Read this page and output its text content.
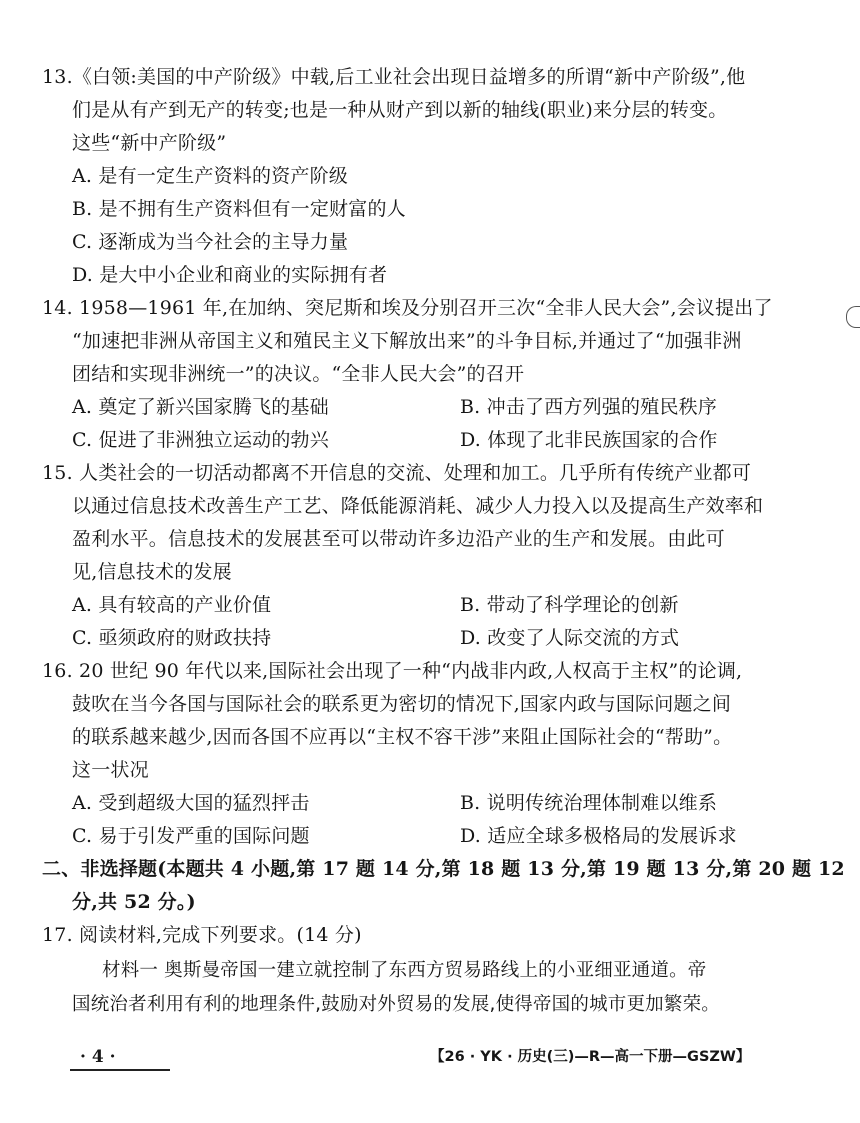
13.《白领:美国的中产阶级》中载,后工业社会出现日益增多的所谓“新中产阶级”,他
们是从有产到无产的转变;也是一种从财产到以新的轴线(职业)来分层的转变。
这些“新中产阶级”
A. 是有一定生产资料的资产阶级
B. 是不拥有生产资料但有一定财富的人
C. 逐渐成为当今社会的主导力量
D. 是大中小企业和商业的实际拥有者
14. 1958—1961 年,在加纳、突尼斯和埃及分别召开三次“全非人民大会”,会议提出了
“加速把非洲从帝国主义和殖民主义下解放出来”的斗争目标,并通过了“加强非洲
团结和实现非洲统一”的决议。“全非人民大会”的召开
A. 奠定了新兴国家腾飞的基础	B. 冲击了西方列强的殖民秩序
C. 促进了非洲独立运动的勃兴	D. 体现了北非民族国家的合作
15. 人类社会的一切活动都离不开信息的交流、处理和加工。几乎所有传统产业都可
以通过信息技术改善生产工艺、降低能源消耗、减少人力投入以及提高生产效率和
盈利水平。信息技术的发展甚至可以带动许多边沿产业的生产和发展。由此可
见,信息技术的发展
A. 具有较高的产业价值	B. 带动了科学理论的创新
C. 亟须政府的财政扶持	D. 改变了人际交流的方式
16. 20 世纪 90 年代以来,国际社会出现了一种“内战非内政,人权高于主权”的论调,
鼓吹在当今各国与国际社会的联系更为密切的情况下,国家内政与国际问题之间
的联系越来越少,因而各国不应再以“主权不容干涉”来阻止国际社会的“帮助”。
这一状况
A. 受到超级大国的猛烈抨击	B. 说明传统治理体制难以维系
C. 易于引发严重的国际问题	D. 适应全球多极格局的发展诉求
二、非选择题(本题共 4 小题,第 17 题 14 分,第 18 题 13 分,第 19 题 13 分,第 20 题 12
分,共 52 分。)
17. 阅读材料,完成下列要求。(14 分)
材料一 奥斯曼帝国一建立就控制了东西方贸易路线上的小亚细亚通道。帝
国统治者利用有利的地理条件,鼓励对外贸易的发展,使得帝国的城市更加繁荣。
· 4 ·	【26 · YK · 历史(三)—R—高一下册—GSZW】
